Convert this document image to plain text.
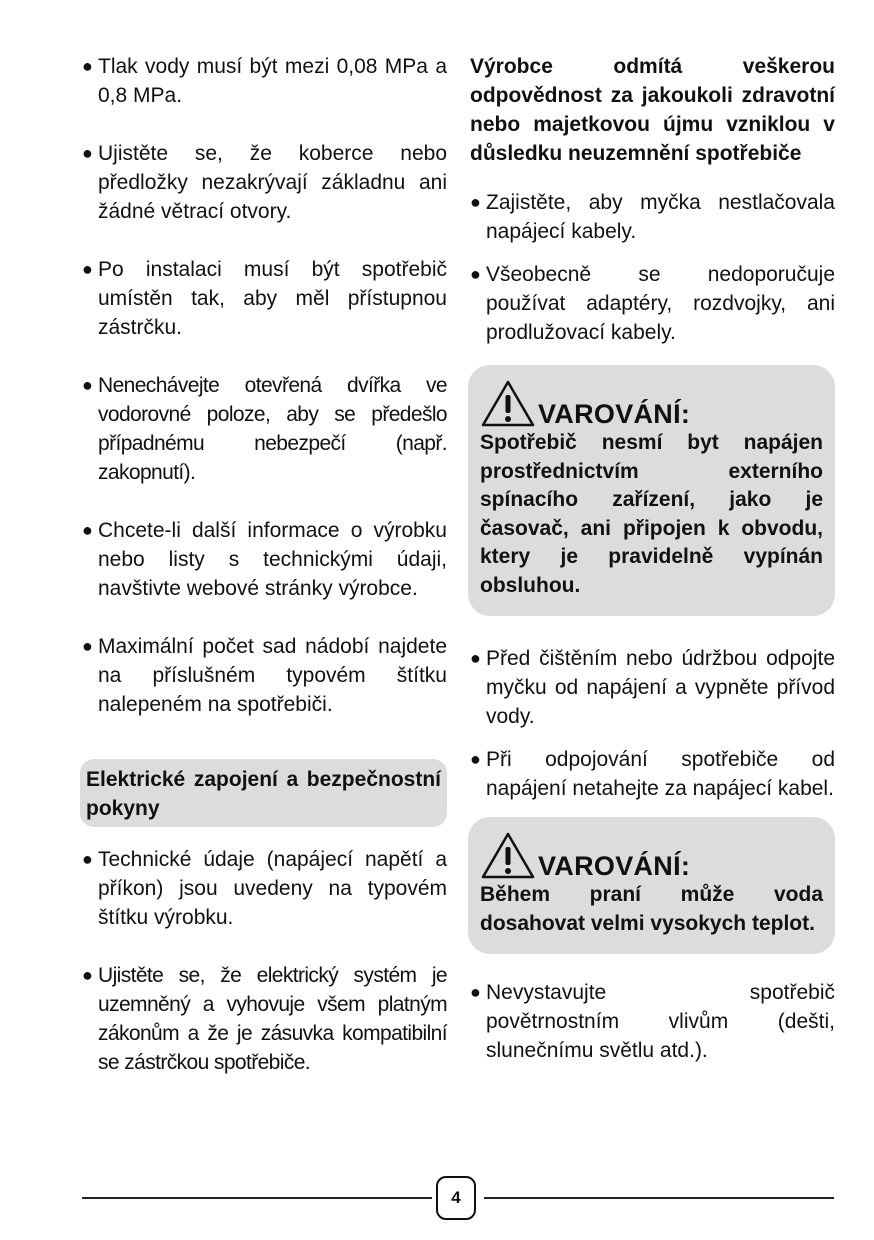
● Tlak vody musí být mezi 0,08 MPa a 0,8 MPa.

● Ujistěte se, že koberce nebo předložky nezakrývají základnu ani žádné větrací otvory.

● Po instalaci musí být spotřebič umístěn tak, aby měl přístupnou zástrčku.

● Nenechávejte otevřená dvířka ve vodorovné poloze, aby se předešlo případnému nebezpečí (např. zakopnutí).

● Chcete-li další informace o výrobku nebo listy s technickými údaji, navštivte webové stránky výrobce.

● Maximální počet sad nádobí najdete na příslušném typovém štítku nalepeném na spotřebiči.

Elektrické zapojení a bezpečnostní pokyny
● Technické údaje (napájecí napětí a příkon) jsou uvedeny na typovém štítku výrobku.

● Ujistěte se, že elektrický systém je uzemněný a vyhovuje všem platným zákonům a že je zásuvka kompatibilní se zástrčkou spotřebiče.

Výrobce odmítá veškerou odpovědnost za jakoukoli zdravotní nebo majetkovou újmu vzniklou v důsledku neuzemnění spotřebiče
● Zajistěte, aby myčka nestlačovala napájecí kabely.

● Všeobecně se nedoporučuje používat adaptéry, rozdvojky, ani prodlužovací kabely.

VAROVÁNÍ:
Spotřebič nesmí byt napájen prostřednictvím externího spínacího zařízení, jako je časovač, ani připojen k obvodu, ktery je pravidelně vypínán obsluhou.
● Před čištěním nebo údržbou odpojte myčku od napájení a vypněte přívod vody.

● Při odpojování spotřebiče od napájení netahejte za napájecí kabel.

VAROVÁNÍ:
Během praní může voda dosahovat velmi vysokych teplot.
● Nevystavujte spotřebič povětrnostním vlivům (dešti, slunečnímu světlu atd.).

4
